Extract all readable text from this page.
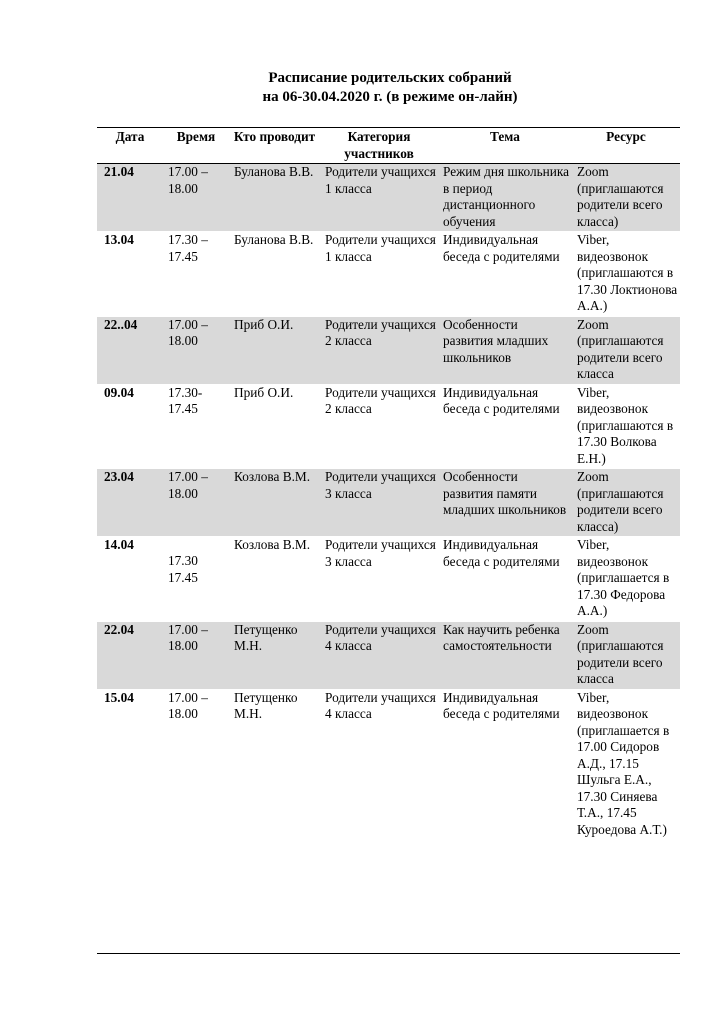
Расписание родительских собраний
на 06-30.04.2020 г. (в режиме он-лайн)
Дата	Время	Кто проводит	Категория участников	Тема	Ресурс
21.04	17.00 – 18.00	Буланова В.В.	Родители учащихся 1 класса	Режим дня школьника в период дистанционного обучения	Zoom (приглашаются родители всего класса)
13.04	17.30 – 17.45	Буланова В.В.	Родители учащихся 1 класса	Индивидуальная беседа с родителями	Viber, видеозвонок (приглашаются в 17.30 Локтионова А.А.)
22..04	17.00 – 18.00	Приб О.И.	Родители учащихся 2 класса	Особенности развития младших школьников	Zoom (приглашаются родители всего класса
09.04	17.30- 17.45	Приб О.И.	Родители учащихся 2 класса	Индивидуальная беседа с родителями	Viber, видеозвонок (приглашаются в 17.30 Волкова Е.Н.)
23.04	17.00 – 18.00	Козлова В.М.	Родители учащихся 3 класса	Особенности развития памяти младших школьников	Zoom (приглашаются родители всего класса)
14.04	17.30 17.45	Козлова В.М.	Родители учащихся 3 класса	Индивидуальная беседа с родителями	Viber, видеозвонок (приглашается в 17.30 Федорова А.А.)
22.04	17.00 – 18.00	Петущенко М.Н.	Родители учащихся 4 класса	Как научить ребенка самостоятельности	Zoom (приглашаются родители всего класса
15.04	17.00 – 18.00	Петущенко М.Н.	Родители учащихся 4 класса	Индивидуальная беседа с родителями	Viber, видеозвонок (приглашается в 17.00 Сидоров А.Д., 17.15 Шульга Е.А., 17.30 Синяева Т.А., 17.45 Куроедова А.Т.)
